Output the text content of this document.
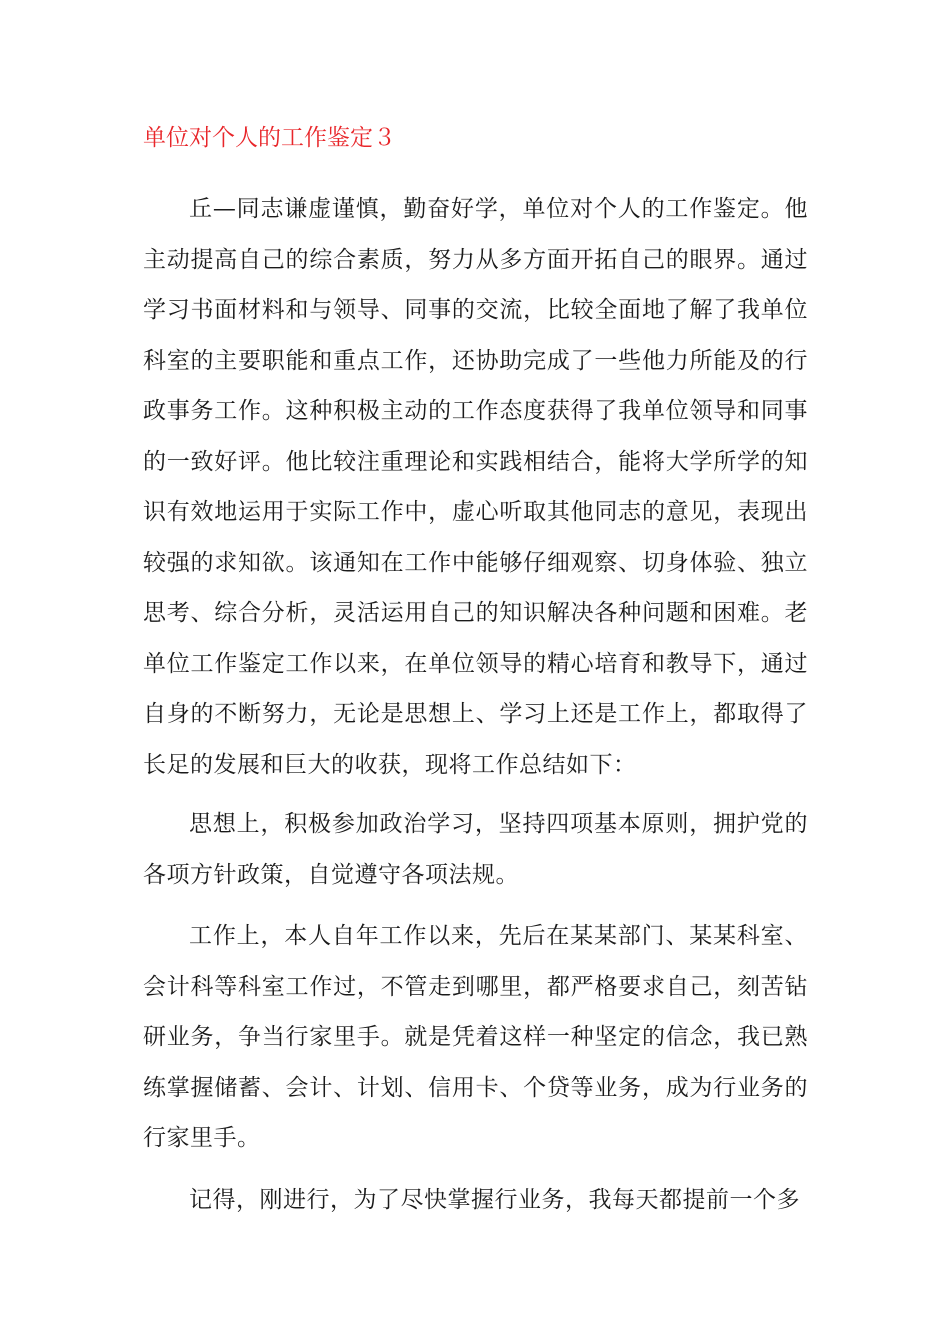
单位对个人的工作鉴定３

丘—同志谦虚谨慎，勤奋好学，单位对个人的工作鉴定。他主动提高自己的综合素质，努力从多方面开拓自己的眼界。通过学习书面材料和与领导、同事的交流，比较全面地了解了我单位科室的主要职能和重点工作，还协助完成了一些他力所能及的行政事务工作。这种积极主动的工作态度获得了我单位领导和同事的一致好评。他比较注重理论和实践相结合，能将大学所学的知识有效地运用于实际工作中，虚心听取其他同志的意见，表现出较强的求知欲。该通知在工作中能够仔细观察、切身体验、独立思考、综合分析，灵活运用自己的知识解决各种问题和困难。老单位工作鉴定工作以来，在单位领导的精心培育和教导下，通过自身的不断努力，无论是思想上、学习上还是工作上，都取得了长足的发展和巨大的收获，现将工作总结如下：

思想上，积极参加政治学习，坚持四项基本原则，拥护党的各项方针政策，自觉遵守各项法规。

工作上，本人自年工作以来，先后在某某部门、某某科室、会计科等科室工作过，不管走到哪里，都严格要求自己，刻苦钻研业务，争当行家里手。就是凭着这样一种坚定的信念，我已熟练掌握储蓄、会计、计划、信用卡、个贷等业务，成为行业务的行家里手。

记得，刚进行，为了尽快掌握行业务，我每天都提前一个多
